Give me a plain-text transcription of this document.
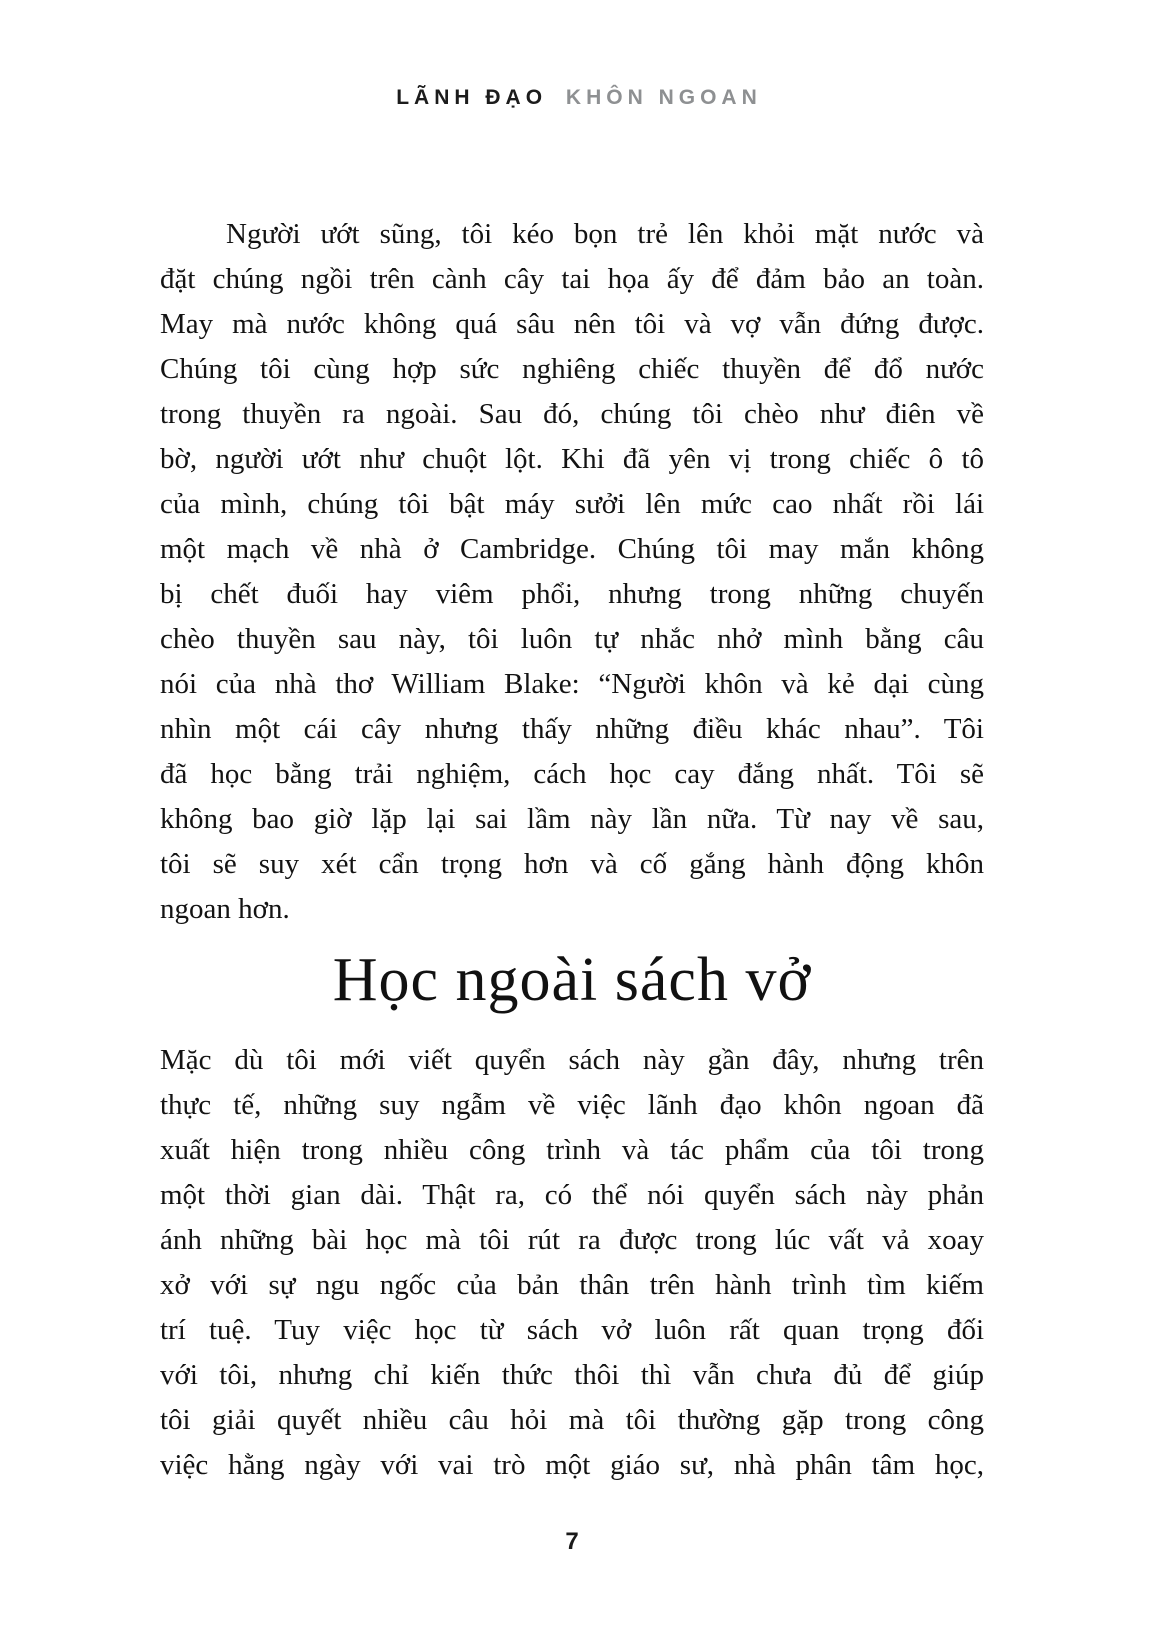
LÃNH ĐẠO KHÔN NGOAN
Người ướt sũng, tôi kéo bọn trẻ lên khỏi mặt nước và
đặt chúng ngồi trên cành cây tai họa ấy để đảm bảo an toàn.
May mà nước không quá sâu nên tôi và vợ vẫn đứng được.
Chúng tôi cùng hợp sức nghiêng chiếc thuyền để đổ nước
trong thuyền ra ngoài. Sau đó, chúng tôi chèo như điên về
bờ, người ướt như chuột lột. Khi đã yên vị trong chiếc ô tô
của mình, chúng tôi bật máy sưởi lên mức cao nhất rồi lái
một mạch về nhà ở Cambridge. Chúng tôi may mắn không
bị chết đuối hay viêm phổi, nhưng trong những chuyến
chèo thuyền sau này, tôi luôn tự nhắc nhở mình bằng câu
nói của nhà thơ William Blake: “Người khôn và kẻ dại cùng
nhìn một cái cây nhưng thấy những điều khác nhau”. Tôi
đã học bằng trải nghiệm, cách học cay đắng nhất. Tôi sẽ
không bao giờ lặp lại sai lầm này lần nữa. Từ nay về sau,
tôi sẽ suy xét cẩn trọng hơn và cố gắng hành động khôn
ngoan hơn.
Học ngoài sách vở
Mặc dù tôi mới viết quyển sách này gần đây, nhưng trên
thực tế, những suy ngẫm về việc lãnh đạo khôn ngoan đã
xuất hiện trong nhiều công trình và tác phẩm của tôi trong
một thời gian dài. Thật ra, có thể nói quyển sách này phản
ánh những bài học mà tôi rút ra được trong lúc vất vả xoay
xở với sự ngu ngốc của bản thân trên hành trình tìm kiếm
trí tuệ. Tuy việc học từ sách vở luôn rất quan trọng đối
với tôi, nhưng chỉ kiến thức thôi thì vẫn chưa đủ để giúp
tôi giải quyết nhiều câu hỏi mà tôi thường gặp trong công
việc hằng ngày với vai trò một giáo sư, nhà phân tâm học,
7
